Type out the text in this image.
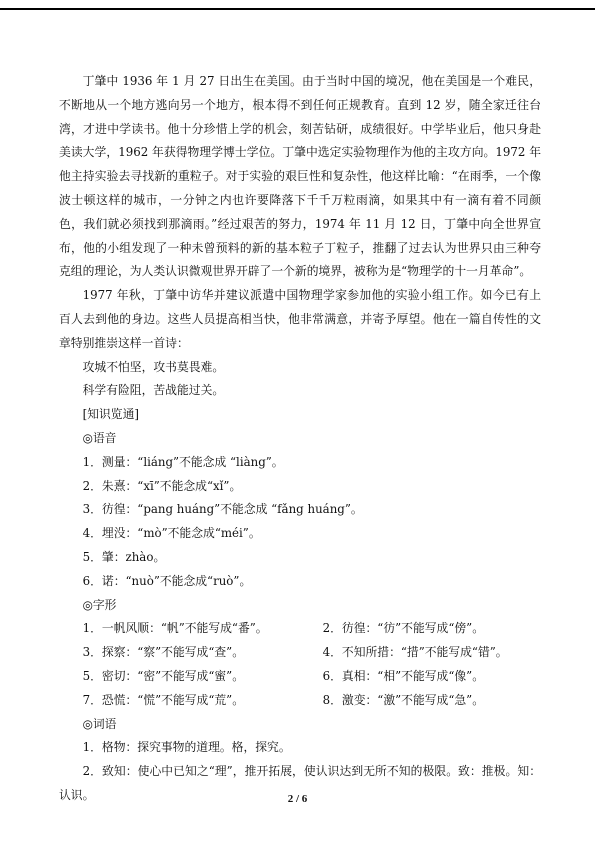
丁肇中 1936 年 1 月 27 日出生在美国。由于当时中国的境况，他在美国是一个难民，不断地从一个地方逃向另一个地方，根本得不到任何正规教育。直到 12 岁，随全家迁往台湾，才进中学读书。他十分珍惜上学的机会，刻苦钻研，成绩很好。中学毕业后，他只身赴美读大学，1962 年获得物理学博士学位。丁肇中选定实验物理作为他的主攻方向。1972 年他主持实验去寻找新的重粒子。对于实验的艰巨性和复杂性，他这样比喻：“在雨季，一个像波士顿这样的城市，一分钟之内也许要降落下千千万粒雨滴，如果其中有一滴有着不同颜色，我们就必须找到那滴雨。”经过艰苦的努力，1974 年 11 月 12 日，丁肇中向全世界宣布，他的小组发现了一种未曾预料的新的基本粒子丁粒子，推翻了过去认为世界只由三种夸克组的理论，为人类认识微观世界开辟了一个新的境界，被称为是“物理学的十一月革命”。

1977 年秋，丁肇中访华并建议派遣中国物理学家参加他的实验小组工作。如今已有上百人去到他的身边。这些人员提高相当快，他非常满意，并寄予厚望。他在一篇自传性的文章特别推崇这样一首诗：

攻城不怕坚，攻书莫畏难。

科学有险阻，苦战能过关。

[知识览通]

◎语音

1．测量：“liáng”不能念成 “liàng”。

2．朱熹：“xī”不能念成“xǐ”。

3．彷徨：“pang huáng”不能念成 “fǎng huáng”。

4．埋没：“mò”不能念成“méi”。

5．肇：zhào。

6．诺：“nuò”不能念成“ruò”。

◎字形

1．一帆风顺：“帆”不能写成“番”。	2．彷徨：“彷”不能写成“傍”。
3．探察：“察”不能写成“查”。	4．不知所措：“措”不能写成“错”。
5．密切：“密”不能写成“蜜”。	6．真相：“相”不能写成“像”。
7．恐慌：“慌”不能写成“荒”。	8．激变：“激”不能写成“急”。

◎词语

1．格物：探究事物的道理。格，探究。

2．致知：使心中已知之“理”，推开拓展，使认识达到无所不知的极限。致：推极。知：认识。	2 / 6
